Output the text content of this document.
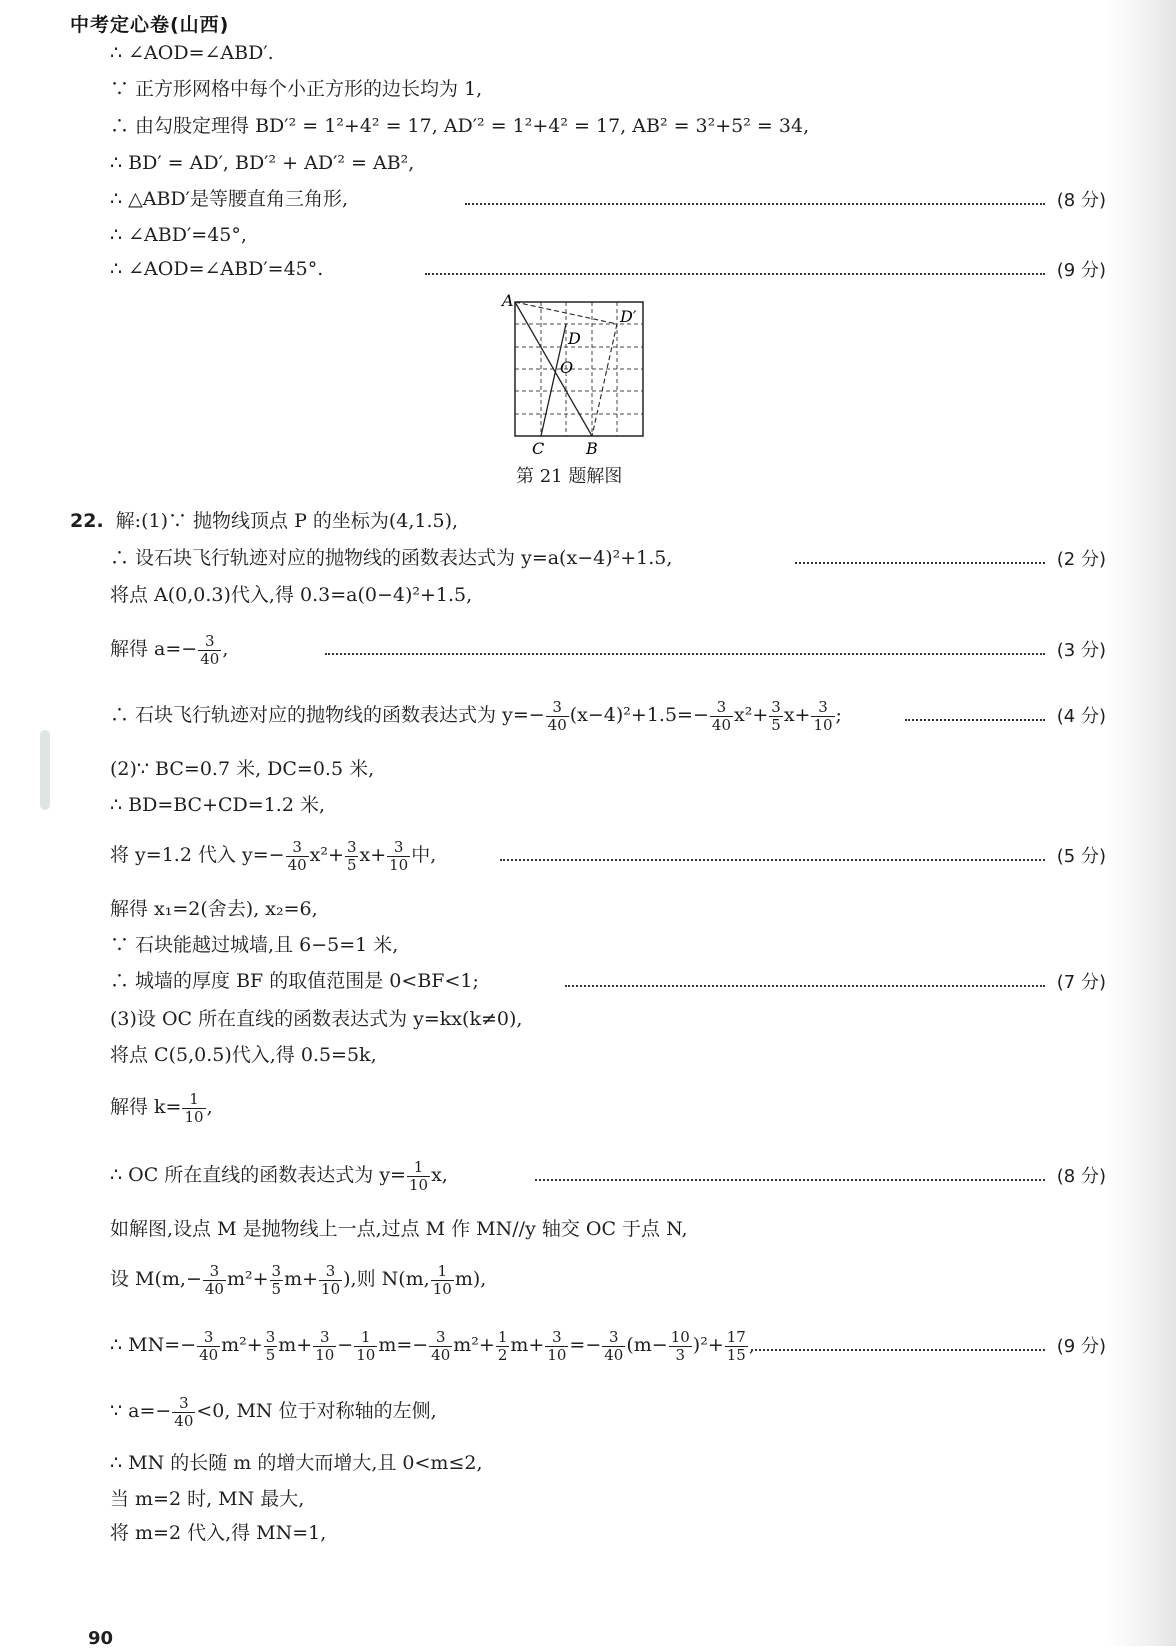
中考定心卷(山西)
∴ ∠AOD=∠ABD′.
∵ 正方形网格中每个小正方形的边长均为 1,
∴ 由勾股定理得 BD′² = 1²+4² = 17, AD′² = 1²+4² = 17, AB² = 3²+5² = 34,
∴ BD′ = AD′, BD′² + AD′² = AB²,
∴ △ABD′是等腰直角三角形,	(8 分)
∴ ∠ABD′=45°,
∴ ∠AOD=∠ABD′=45°.	(9 分)
A
D′
D
O
C	B
第 21 题解图
22. 解:(1)∵ 抛物线顶点 P 的坐标为(4,1.5),
∴ 设石块飞行轨迹对应的抛物线的函数表达式为 y=a(x−4)²+1.5,	(2 分)
将点 A(0,0.3)代入,得 0.3=a(0−4)²+1.5,
解得 $a=- \frac{3}{40}$ ,	(3 分)
∴ 石块飞行轨迹对应的抛物线的函数表达式为 $y=- \frac{3}{40} (x-4)^2+1.5=- \frac{3}{40} x^2+ \frac{3}{5} x+ \frac{3}{10}$ ;	(4 分)
(2)∵ BC=0.7 米, DC=0.5 米,
∴ BD=BC+CD=1.2 米,
将 y=1.2 代入 $y=- \frac{3}{40} x^2+ \frac{3}{5} x+ \frac{3}{10}$ 中,	(5 分)
解得 x₁=2(舍去), x₂=6,
∵ 石块能越过城墙,且 6−5=1 米,
∴ 城墙的厚度 BF 的取值范围是 0<BF<1;	(7 分)
(3)设 OC 所在直线的函数表达式为 y=kx(k≠0),
将点 C(5,0.5)代入,得 0.5=5k,
解得 $k= \frac{1}{10}$ ,
∴ OC 所在直线的函数表达式为 $y= \frac{1}{10} x$,	(8 分)
如解图,设点 M 是抛物线上一点,过点 M 作 MN//y 轴交 OC 于点 N,
设 $M(m,- \frac{3}{40} m^2+ \frac{3}{5} m+ \frac{3}{10}$ ),则 N(m, $\frac{1}{10} m$),
∴ $MN=- \frac{3}{40} m^2+ \frac{3}{5} m+ \frac{3}{10} - \frac{1}{10} m=- \frac{3}{40} m^2+ \frac{1}{2} m+ \frac{3}{10} =- \frac{3}{40} (m- \frac{10}{3} )^2+ \frac{17}{15}$ ,	(9 分)
∵ $a=- \frac{3}{40} <0$, MN 位于对称轴的左侧,
∴ MN 的长随 m 的增大而增大,且 0<m≤2,
当 m=2 时, MN 最大,
将 m=2 代入,得 MN=1,
90
